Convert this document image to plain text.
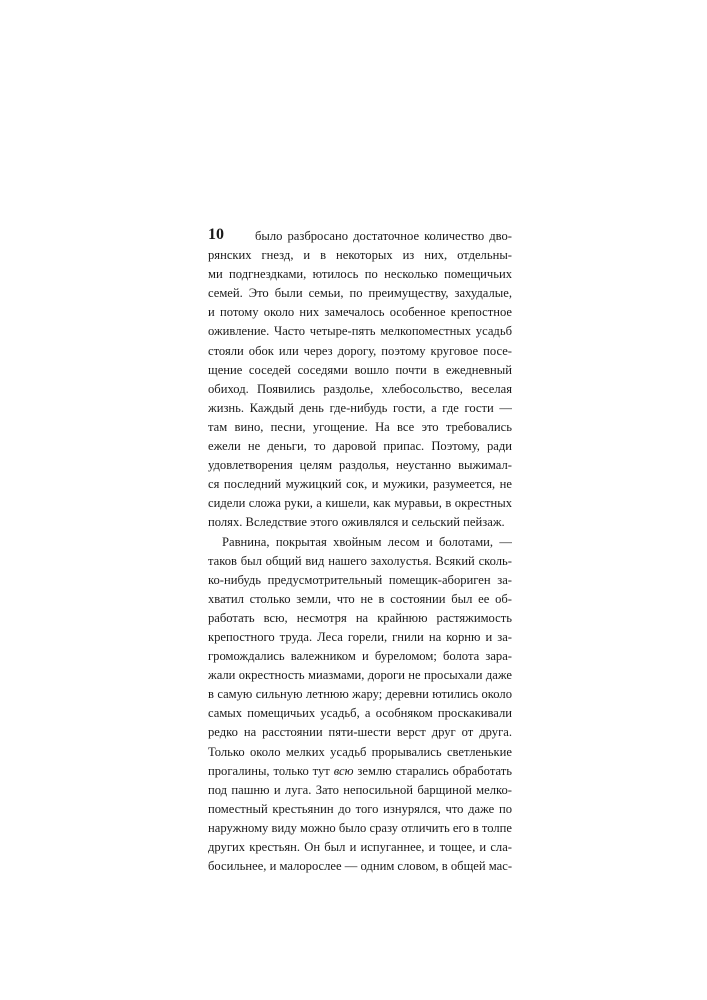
10 было разбросано достаточное количество дво-
рянских гнезд, и в некоторых из них, отдельны-
ми подгнездками, ютилось по несколько помещичьих
семей. Это были семьи, по преимуществу, захудалые,
и потому около них замечалось особенное крепостное
оживление. Часто четыре-пять мелкопоместных усадьб
стояли обок или через дорогу, поэтому круговое посе-
щение соседей соседями вошло почти в ежедневный
обиход. Появились раздолье, хлебосольство, веселая
жизнь. Каждый день где-нибудь гости, а где гости —
там вино, песни, угощение. На все это требовались
ежели не деньги, то даровой припас. Поэтому, ради
удовлетворения целям раздолья, неустанно выжимал-
ся последний мужицкий сок, и мужики, разумеется, не
сидели сложа руки, а кишели, как муравьи, в окрестных
полях. Вследствие этого оживлялся и сельский пейзаж.
Равнина, покрытая хвойным лесом и болотами, —
таков был общий вид нашего захолустья. Всякий сколь-
ко-нибудь предусмотрительный помещик-абориген за-
хватил столько земли, что не в состоянии был ее об-
работать всю, несмотря на крайнюю растяжимость
крепостного труда. Леса горели, гнили на корню и за-
громождались валежником и буреломом; болота зара-
жали окрестность миазмами, дороги не просыхали даже
в самую сильную летнюю жару; деревни ютились около
самых помещичьих усадьб, а особняком проскакивали
редко на расстоянии пяти-шести верст друг от друга.
Только около мелких усадьб прорывались светленькие
прогалины, только тут всю землю старались обработать
под пашню и луга. Зато непосильной барщиной мелко-
поместный крестьянин до того изнурялся, что даже по
наружному виду можно было сразу отличить его в толпе
других крестьян. Он был и испуганнее, и тощее, и сла-
босильнее, и малорослее — одним словом, в общей мас-
